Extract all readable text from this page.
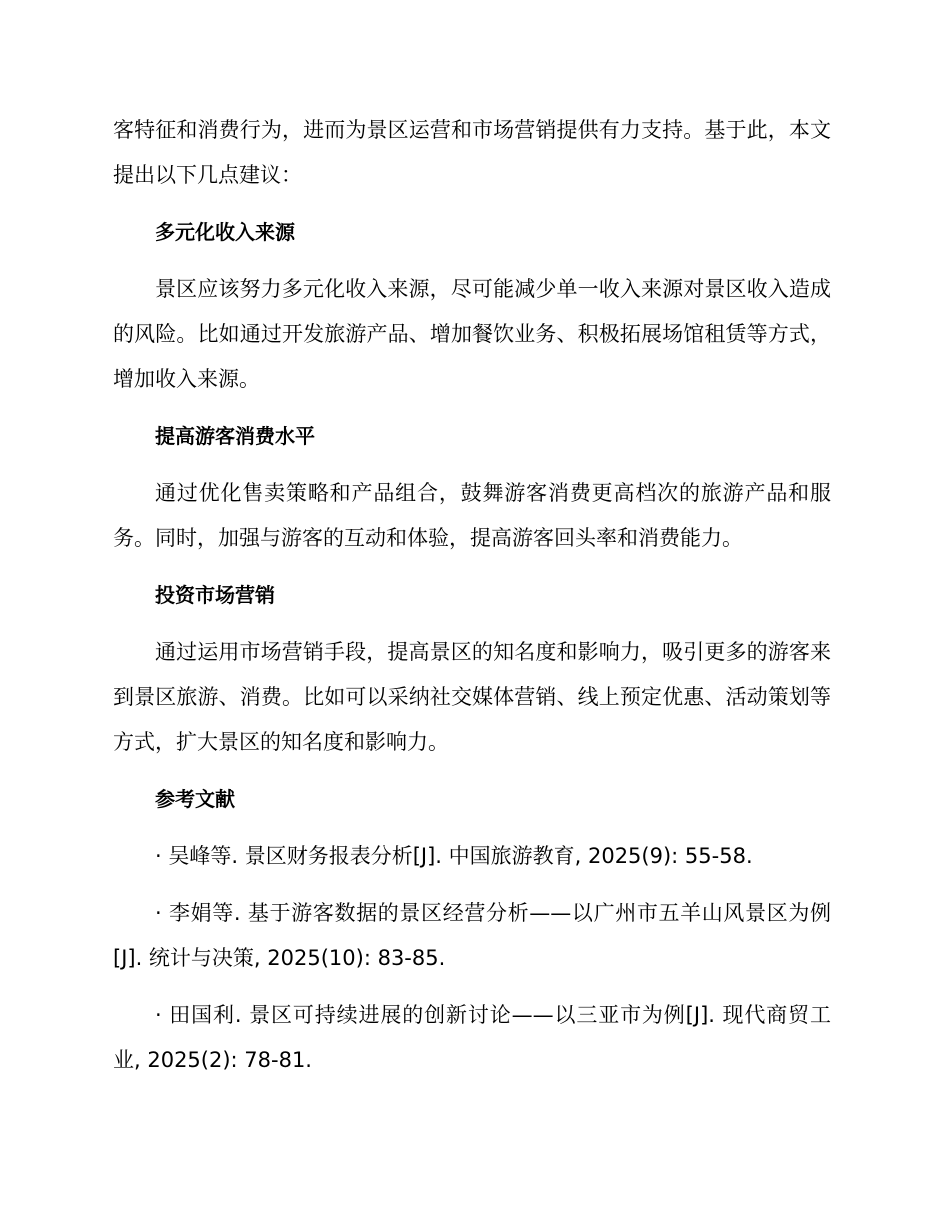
客特征和消费行为，进而为景区运营和市场营销提供有力支持。基于此，本文提出以下几点建议：

多元化收入来源

景区应该努力多元化收入来源，尽可能减少单一收入来源对景区收入造成的风险。比如通过开发旅游产品、增加餐饮业务、积极拓展场馆租赁等方式，增加收入来源。

提高游客消费水平

通过优化售卖策略和产品组合，鼓舞游客消费更高档次的旅游产品和服务。同时，加强与游客的互动和体验，提高游客回头率和消费能力。

投资市场营销

通过运用市场营销手段，提高景区的知名度和影响力，吸引更多的游客来到景区旅游、消费。比如可以采纳社交媒体营销、线上预定优惠、活动策划等方式，扩大景区的知名度和影响力。

参考文献

· 吴峰等. 景区财务报表分析[J]. 中国旅游教育, 2025(9): 55-58.

· 李娟等. 基于游客数据的景区经营分析——以广州市五羊山风景区为例[J]. 统计与决策, 2025(10): 83-85.

· 田国利. 景区可持续进展的创新讨论——以三亚市为例[J]. 现代商贸工业, 2025(2): 78-81.
